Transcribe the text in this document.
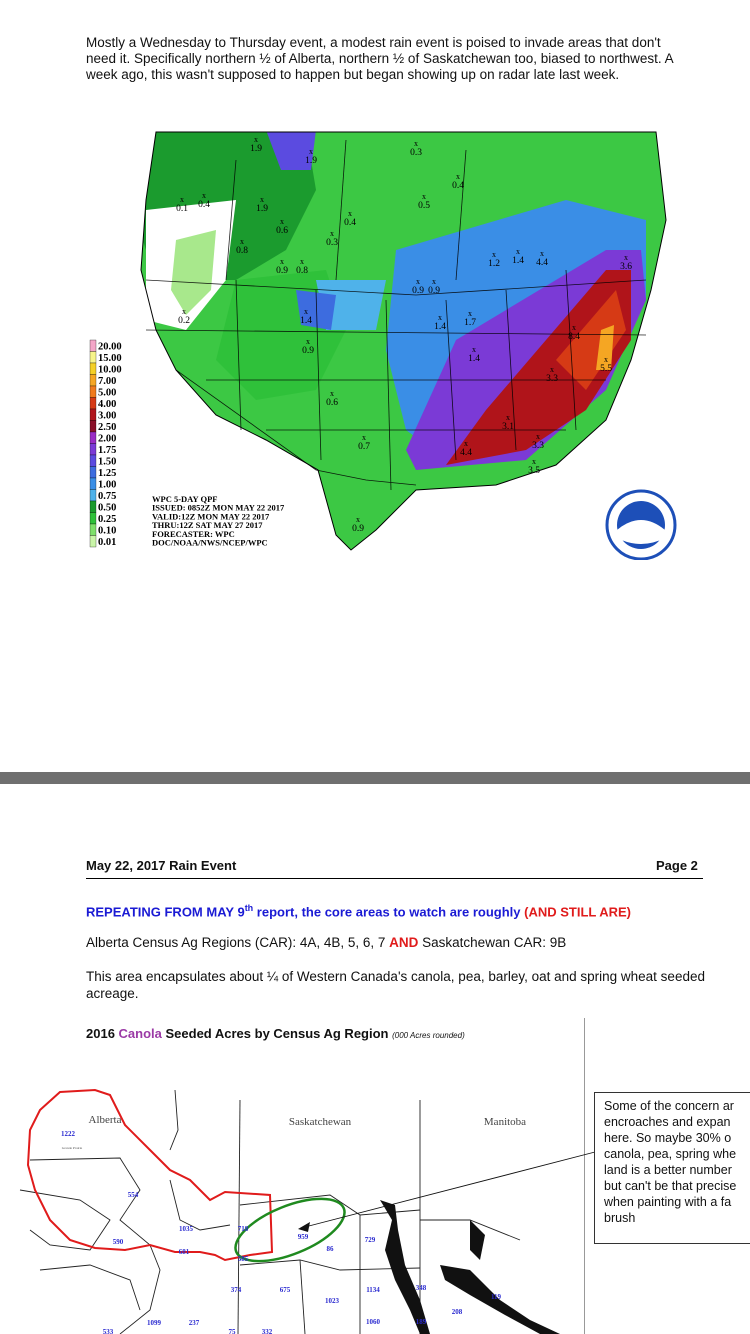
Mostly a Wednesday to Thursday event, a modest rain event is poised to invade areas that don't need it. Specifically northern ½ of Alberta, northern ½ of Saskatchewan too, biased to northwest. A week ago, this wasn't supposed to happen but began showing up on radar late last week.
20.00
15.00
10.00
7.00
5.00
4.00
3.00
2.50
2.00
1.75
1.50
1.25
1.00
0.75
0.50
0.25
0.10
0.01
WPC 5-DAY QPF
ISSUED: 0852Z MON MAY 22 2017
VALID:12Z MON MAY 22 2017
THRU:12Z SAT MAY 27 2017
FORECASTER: WPC
DOC/NOAA/NWS/NCEP/WPC
x
1.9	x
1.9
x
0.3
x
0.4
x
0.5
x
0.1
x
0.4
x
1.9	x
0.4
x
0.6	x
0.3
x
0.8
x
0.9
x
0.8
x
1.2
x
1.4
x
4.4
x
3.6
x
0.2
x
1.4
x
0.9
x
0.9
x
1.4
x
1.7
x
0.9	x
1.4
x
8.4
x
5.5
x
0.6
x
3.3
x
0.7
x
3.1
x
4.4
x
3.3
x
3.5
x
0.9	NOAA
May 22, 2017 Rain Event	Page 2
REPEATING FROM MAY 9th report, the core areas to watch are roughly (AND STILL ARE)
Alberta Census Ag Regions (CAR): 4A, 4B, 5, 6, 7 AND Saskatchewan CAR: 9B
This area encapsulates about ¼ of Western Canada's canola, pea, barley, oat and spring wheat seeded acreage.
2016 Canola Seeded Acres by Census Ag Region (000 Acres rounded)
Alberta	Saskatchewan	Manitoba
Grande Prairie
1222
554
1035	718
590
681
959
585
86
729
374	675	1134
1023
348
533
1099	237
75	332
1060	189
208
119
Some of the concern ar
encroaches and expan
here. So maybe 30% o
canola, pea, spring whe
land is a better number
but can't be that precise
when painting with a fa
brush
